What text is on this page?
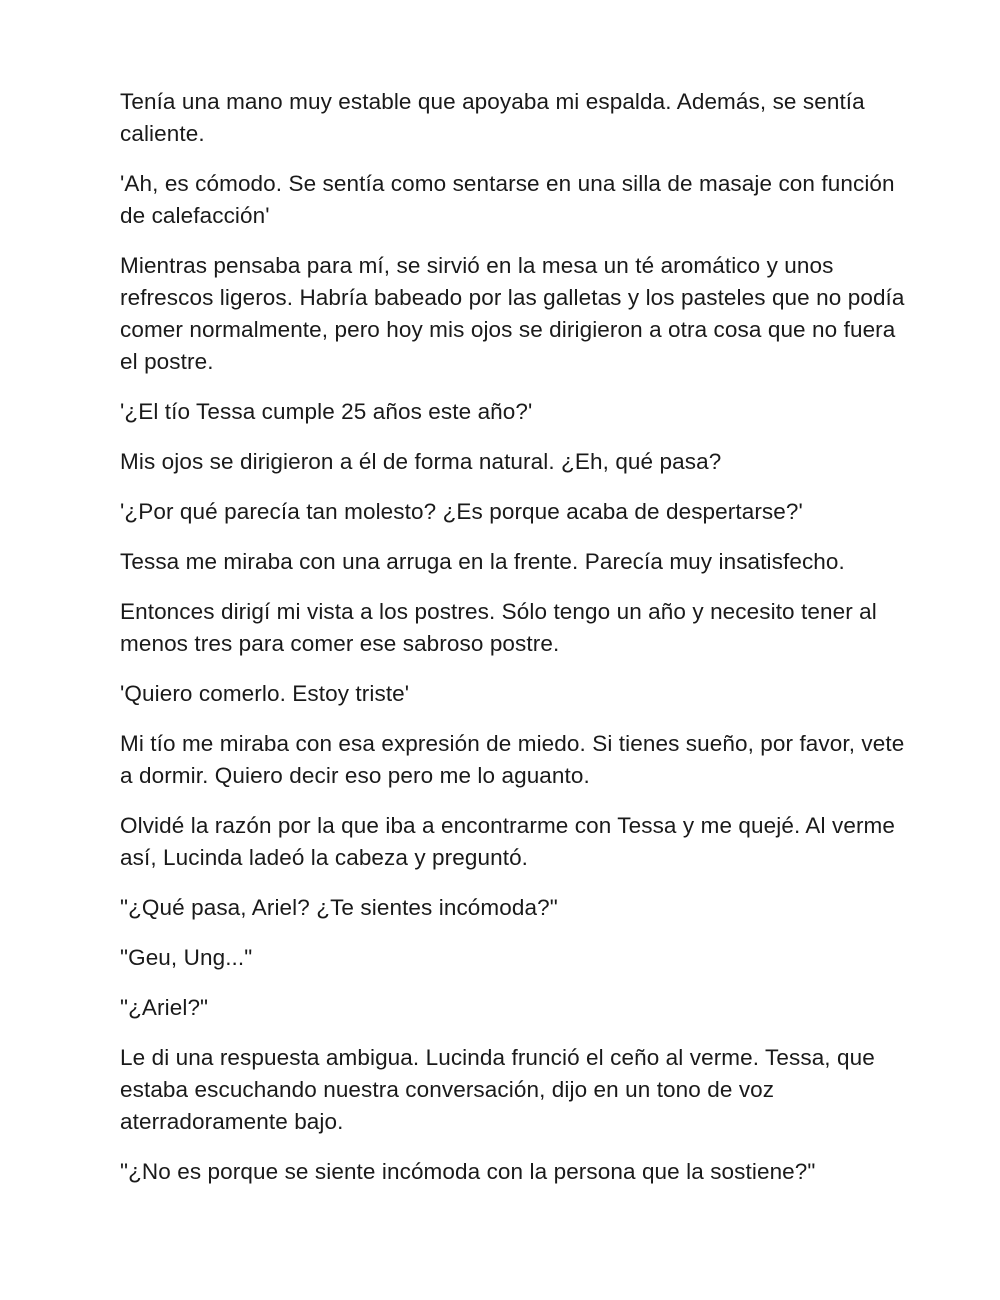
Tenía una mano muy estable que apoyaba mi espalda. Además, se sentía caliente.

'Ah, es cómodo. Se sentía como sentarse en una silla de masaje con función de calefacción'

Mientras pensaba para mí, se sirvió en la mesa un té aromático y unos refrescos ligeros. Habría babeado por las galletas y los pasteles que no podía comer normalmente, pero hoy mis ojos se dirigieron a otra cosa que no fuera el postre.

'¿El tío Tessa cumple 25 años este año?'

Mis ojos se dirigieron a él de forma natural. ¿Eh, qué pasa?

'¿Por qué parecía tan molesto? ¿Es porque acaba de despertarse?'

Tessa me miraba con una arruga en la frente. Parecía muy insatisfecho.

Entonces dirigí mi vista a los postres. Sólo tengo un año y necesito tener al menos tres para comer ese sabroso postre.

'Quiero comerlo. Estoy triste'

Mi tío me miraba con esa expresión de miedo. Si tienes sueño, por favor, vete a dormir. Quiero decir eso pero me lo aguanto.

Olvidé la razón por la que iba a encontrarme con Tessa y me quejé. Al verme así, Lucinda ladeó la cabeza y preguntó.

"¿Qué pasa, Ariel? ¿Te sientes incómoda?"

"Geu, Ung..."

"¿Ariel?"

Le di una respuesta ambigua. Lucinda frunció el ceño al verme. Tessa, que estaba escuchando nuestra conversación, dijo en un tono de voz aterradoramente bajo.

"¿No es porque se siente incómoda con la persona que la sostiene?"
